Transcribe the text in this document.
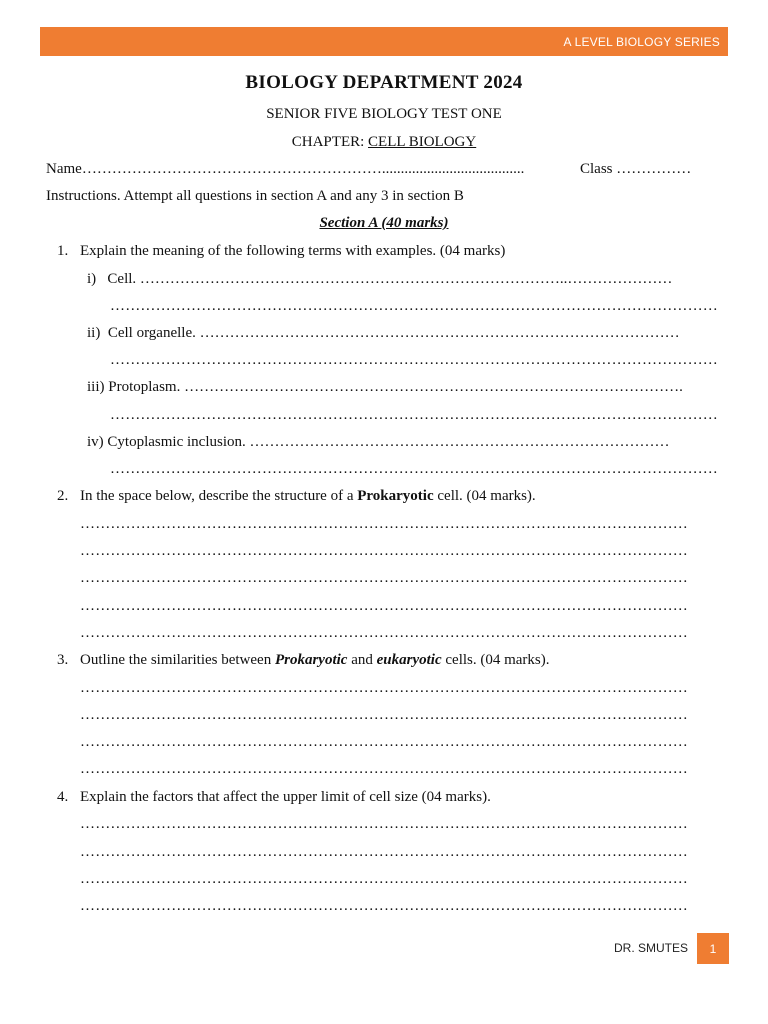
A LEVEL BIOLOGY SERIES
BIOLOGY DEPARTMENT 2024
SENIOR FIVE BIOLOGY TEST ONE
CHAPTER: CELL BIOLOGY
Name……………………………………………………......................................	Class ……………
Instructions. Attempt all questions in section A and any 3 in section B
Section A (40 marks)
1. Explain the meaning of the following terms with examples. (04 marks)
i)   Cell. …………………………………………………………………………..…………………
…………………………………………………………………………………………………………
ii)  Cell organelle. ……………………………………………………………………………………
…………………………………………………………………………………………………………
iii) Protoplasm. ……………………………………………………………………………………….
…………………………………………………………………………………………………………
iv) Cytoplasmic inclusion. …………………………………………………………………………
…………………………………………………………………………………………………………
2. In the space below, describe the structure of a Prokaryotic cell. (04 marks).
…………………………………………………………………………………………………………
…………………………………………………………………………………………………………
…………………………………………………………………………………………………………
…………………………………………………………………………………………………………
…………………………………………………………………………………………………………
3. Outline the similarities between Prokaryotic and eukaryotic cells. (04 marks).
…………………………………………………………………………………………………………
…………………………………………………………………………………………………………
…………………………………………………………………………………………………………
…………………………………………………………………………………………………………
4. Explain the factors that affect the upper limit of cell size (04 marks).
…………………………………………………………………………………………………………
…………………………………………………………………………………………………………
…………………………………………………………………………………………………………
…………………………………………………………………………………………………………
DR. SMUTES 1
